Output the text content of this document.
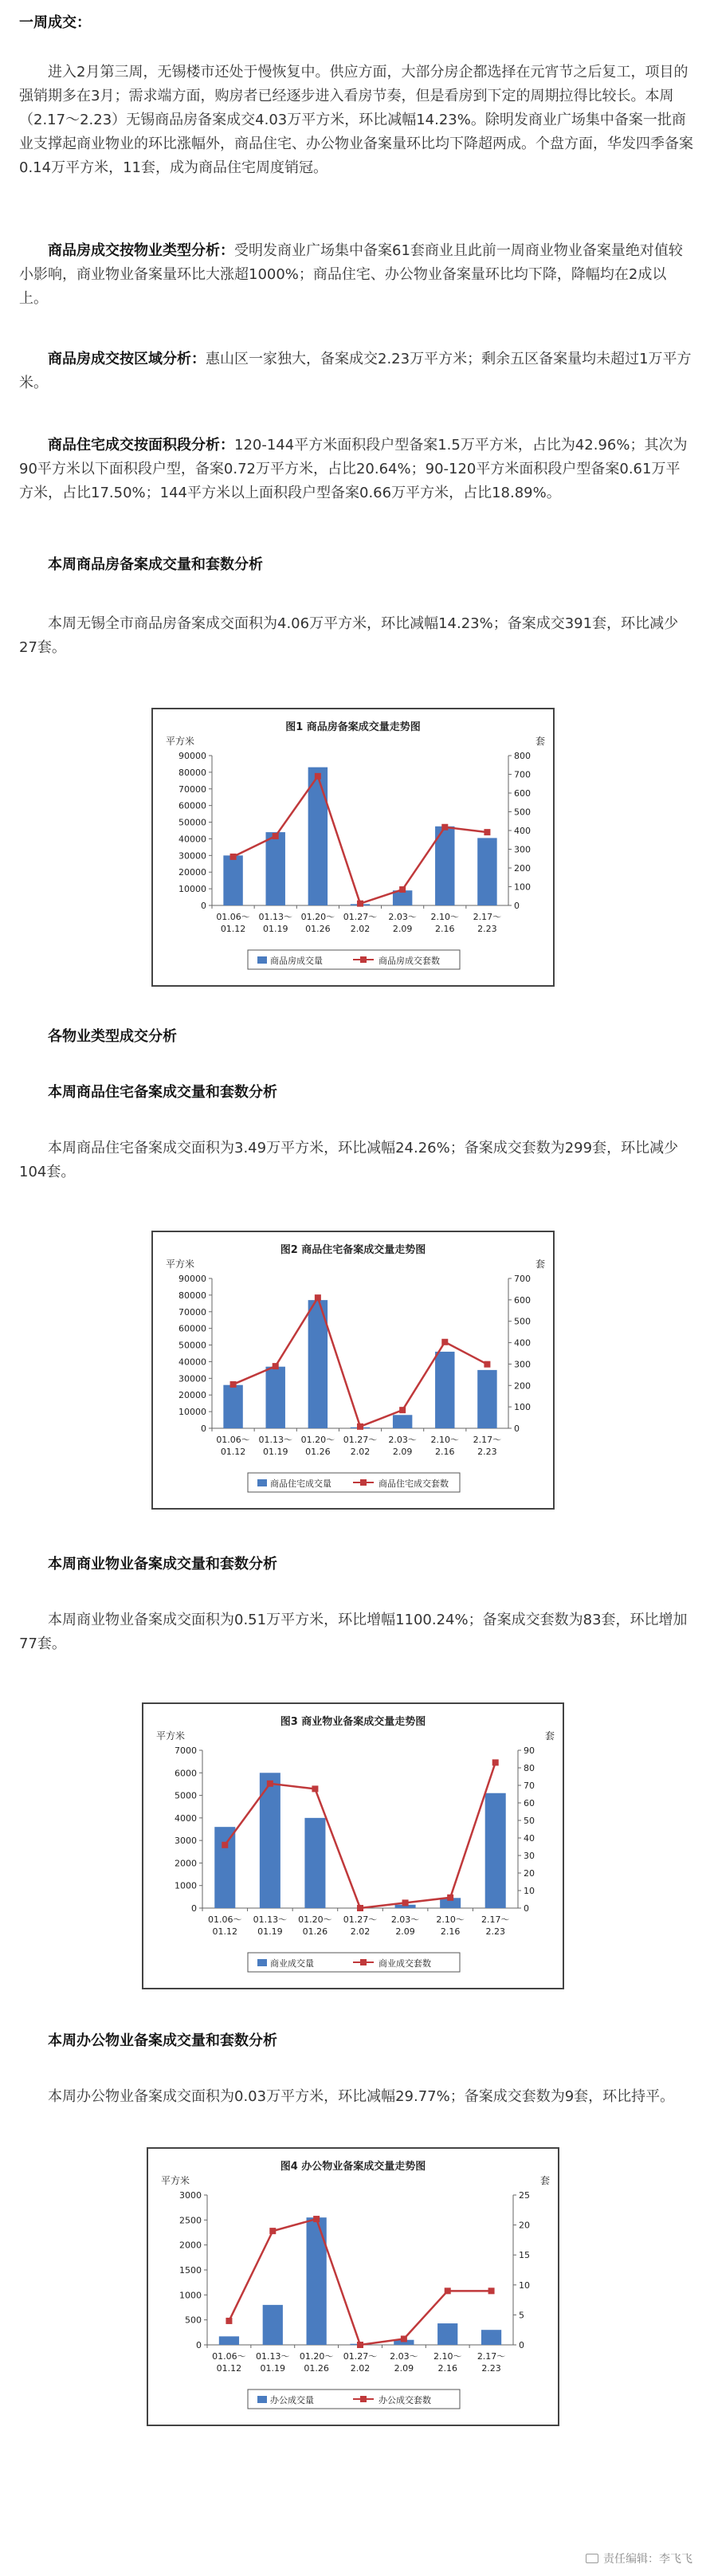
一周成交：

进入2月第三周，无锡楼市还处于慢恢复中。供应方面，大部分房企都选择在元宵节之后复工，项目的强销期多在3月；需求端方面，购房者已经逐步进入看房节奏，但是看房到下定的周期拉得比较长。本周（2.17～2.23）无锡商品房备案成交4.03万平方米，环比减幅14.23%。除明发商业广场集中备案一批商业支撑起商业物业的环比涨幅外，商品住宅、办公物业备案量环比均下降超两成。个盘方面，华发四季备案0.14万平方米，11套，成为商品住宅周度销冠。

商品房成交按物业类型分析：受明发商业广场集中备案61套商业且此前一周商业物业备案量绝对值较小影响，商业物业备案量环比大涨超1000%；商品住宅、办公物业备案量环比均下降，降幅均在2成以上。

商品房成交按区域分析：惠山区一家独大，备案成交2.23万平方米；剩余五区备案量均未超过1万平方米。

商品住宅成交按面积段分析：120-144平方米面积段户型备案1.5万平方米，占比为42.96%；其次为90平方米以下面积段户型，备案0.72万平方米，占比20.64%；90-120平方米面积段户型备案0.61万平方米，占比17.50%；144平方米以上面积段户型备案0.66万平方米，占比18.89%。

本周商品房备案成交量和套数分析

本周无锡全市商品房备案成交面积为4.06万平方米，环比减幅14.23%；备案成交391套，环比减少27套。

图1 商品房备案成交量走势图
平方米	套
0
10000
20000
30000
40000
50000
60000
70000
80000
90000
0
100
200
300
400
500
600
700
800
01.06～
01.12
01.13～
01.19
01.20～
01.26
01.27～
2.02
2.03～
2.09
2.10～
2.16
2.17～
2.23
商品房成交量	商品房成交套数
各物业类型成交分析
本周商品住宅备案成交量和套数分析

本周商品住宅备案成交面积为3.49万平方米，环比减幅24.26%；备案成交套数为299套，环比减少104套。

图2 商品住宅备案成交量走势图
平方米	套
0
10000
20000
30000
40000
50000
60000
70000
80000
90000
0
100
200
300
400
500
600
700
01.06～
01.12
01.13～
01.19
01.20～
01.26
01.27～
2.02
2.03～
2.09
2.10～
2.16
2.17～
2.23
商品住宅成交量	商品住宅成交套数
本周商业物业备案成交量和套数分析

本周商业物业备案成交面积为0.51万平方米，环比增幅1100.24%；备案成交套数为83套，环比增加77套。

图3 商业物业备案成交量走势图
平方米	套
0
1000
2000
3000
4000
5000
6000
7000
0
10
20
30
40
50
60
70
80
90
01.06～
01.12
01.13～
01.19
01.20～
01.26
01.27～
2.02
2.03～
2.09
2.10～
2.16
2.17～
2.23
商业成交量	商业成交套数
本周办公物业备案成交量和套数分析

本周办公物业备案成交面积为0.03万平方米，环比减幅29.77%；备案成交套数为9套，环比持平。

图4 办公物业备案成交量走势图
平方米	套
0
500
1000
1500
2000
2500
3000
0
5
10
15
20
25
01.06～
01.12
01.13～
01.19
01.20～
01.26
01.27～
2.02
2.03～
2.09
2.10～
2.16
2.17～
2.23
办公成交量	办公成交套数
责任编辑：李飞飞
